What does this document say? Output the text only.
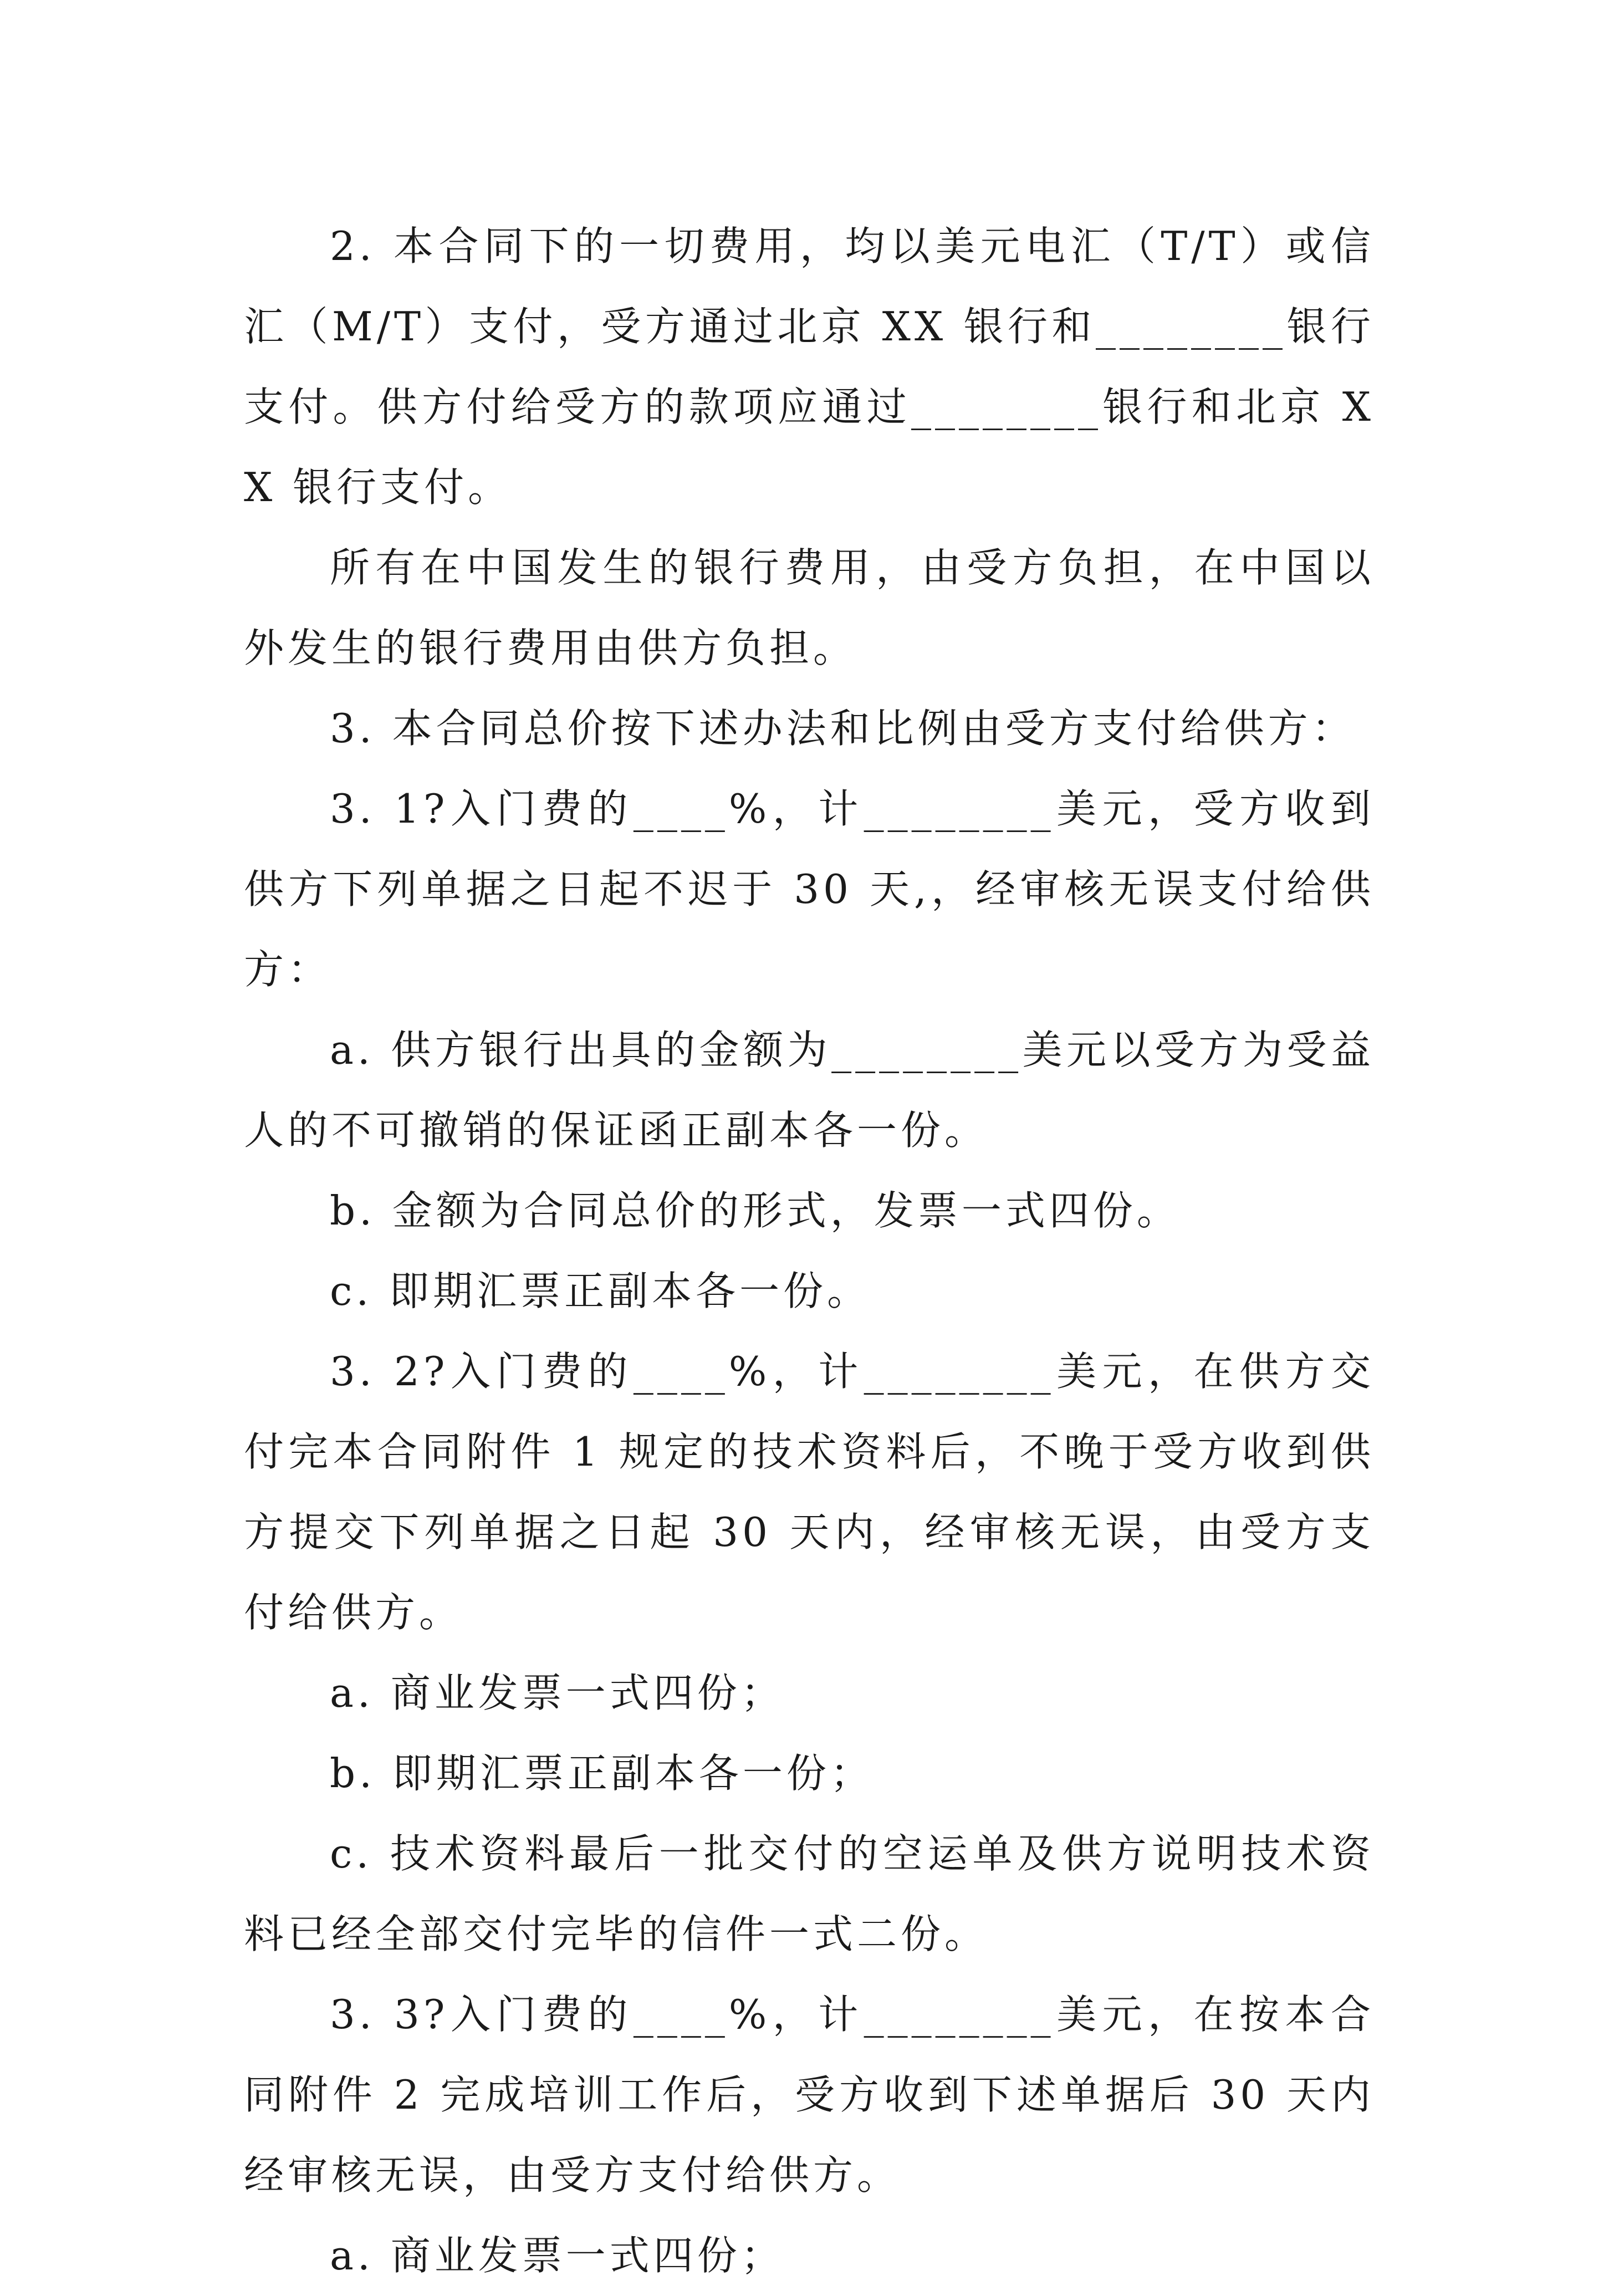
2. 本合同下的一切费用，均以美元电汇（T/T）或信汇（M/T）支付，受方通过北京 XX 银行和________银行支付。供方付给受方的款项应通过________银行和北京 XX 银行支付。

所有在中国发生的银行费用，由受方负担，在中国以外发生的银行费用由供方负担。

3. 本合同总价按下述办法和比例由受方支付给供方：

3. 1?入门费的____%，计________美元，受方收到供方下列单据之日起不迟于 30 天,，经审核无误支付给供方：

a. 供方银行出具的金额为________美元以受方为受益人的不可撤销的保证函正副本各一份。

b. 金额为合同总价的形式，发票一式四份。

c. 即期汇票正副本各一份。

3. 2?入门费的____%，计________美元，在供方交付完本合同附件 1 规定的技术资料后，不晚于受方收到供方提交下列单据之日起 30 天内，经审核无误，由受方支付给供方。

a. 商业发票一式四份；

b. 即期汇票正副本各一份；

c. 技术资料最后一批交付的空运单及供方说明技术资料已经全部交付完毕的信件一式二份。

3. 3?入门费的____%，计________美元，在按本合同附件 2 完成培训工作后，受方收到下述单据后 30 天内经审核无误，由受方支付给供方。

a. 商业发票一式四份；
